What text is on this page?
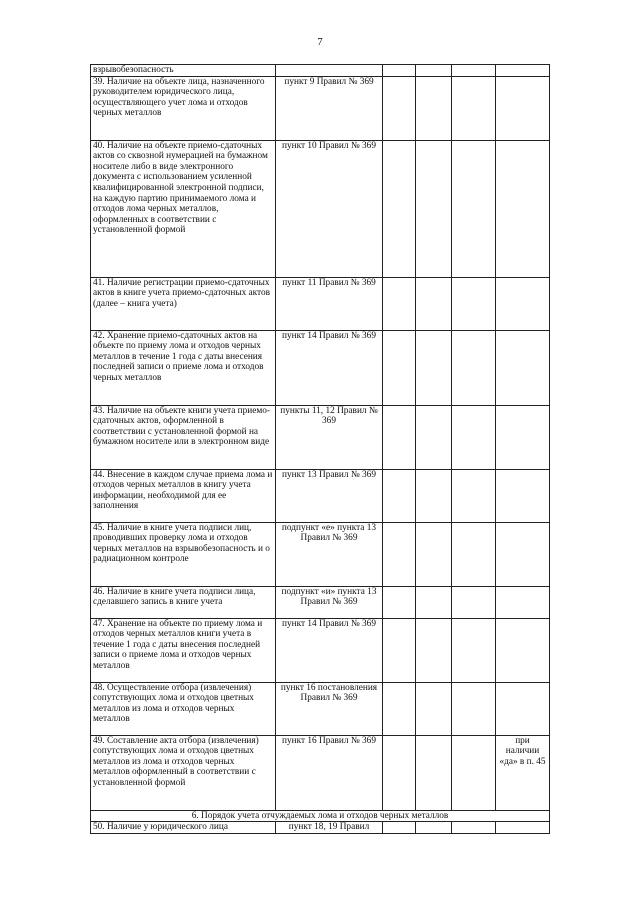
7
взрывобезопасность					
39. Наличие на объекте лица, назначенного руководителем юридического лица, осуществляющего учет лома и отходов черных металлов	пункт 9 Правил № 369				
40. Наличие на объекте приемо-сдаточных актов со сквозной нумерацией на бумажном носителе либо в виде электронного документа с использованием усиленной квалифицированной электронной подписи, на каждую партию принимаемого лома и отходов лома черных металлов, оформленных в соответствии с установленной формой	пункт 10 Правил № 369				
41. Наличие регистрации приемо-сдаточных актов в книге учета приемо-сдаточных актов (далее – книга учета)	пункт 11 Правил № 369				
42. Хранение приемо-сдаточных актов на объекте по приему лома и отходов черных металлов в течение 1 года с даты внесения последней записи о приеме лома и отходов черных металлов	пункт 14 Правил № 369				
43. Наличие на объекте книги учета приемо-сдаточных актов, оформленной в соответствии с установленной формой на бумажном носителе или в электронном виде	пункты 11, 12 Правил № 369				
44. Внесение в каждом случае приема лома и отходов черных металлов в книгу учета информации, необходимой для ее заполнения	пункт 13 Правил № 369				
45. Наличие в книге учета подписи лиц, проводивших проверку лома и отходов черных металлов на взрывобезопасность и о радиационном контроле	подпункт «е» пункта 13 Правил № 369				
46. Наличие в книге учета подписи лица, сделавшего запись в книге учета	подпункт «и» пункта 13 Правил № 369				
47. Хранение на объекте по приему лома и отходов черных металлов книги учета в течение 1 года с даты внесения последней записи о приеме лома и отходов черных металлов	пункт 14 Правил № 369				
48. Осуществление отбора (извлечения) сопутствующих лома и отходов цветных металлов из лома и отходов черных металлов	пункт 16 постановления Правил № 369				
49. Составление акта отбора (извлечения) сопутствующих лома и отходов цветных металлов из лома и отходов черных металлов оформленный в соответствии с установленной формой	пункт 16 Правил № 369				при наличии «да» в п. 45
6. Порядок учета отчуждаемых лома и отходов черных металлов					
50. Наличие у юридического лица	пункт 18, 19 Правил				
